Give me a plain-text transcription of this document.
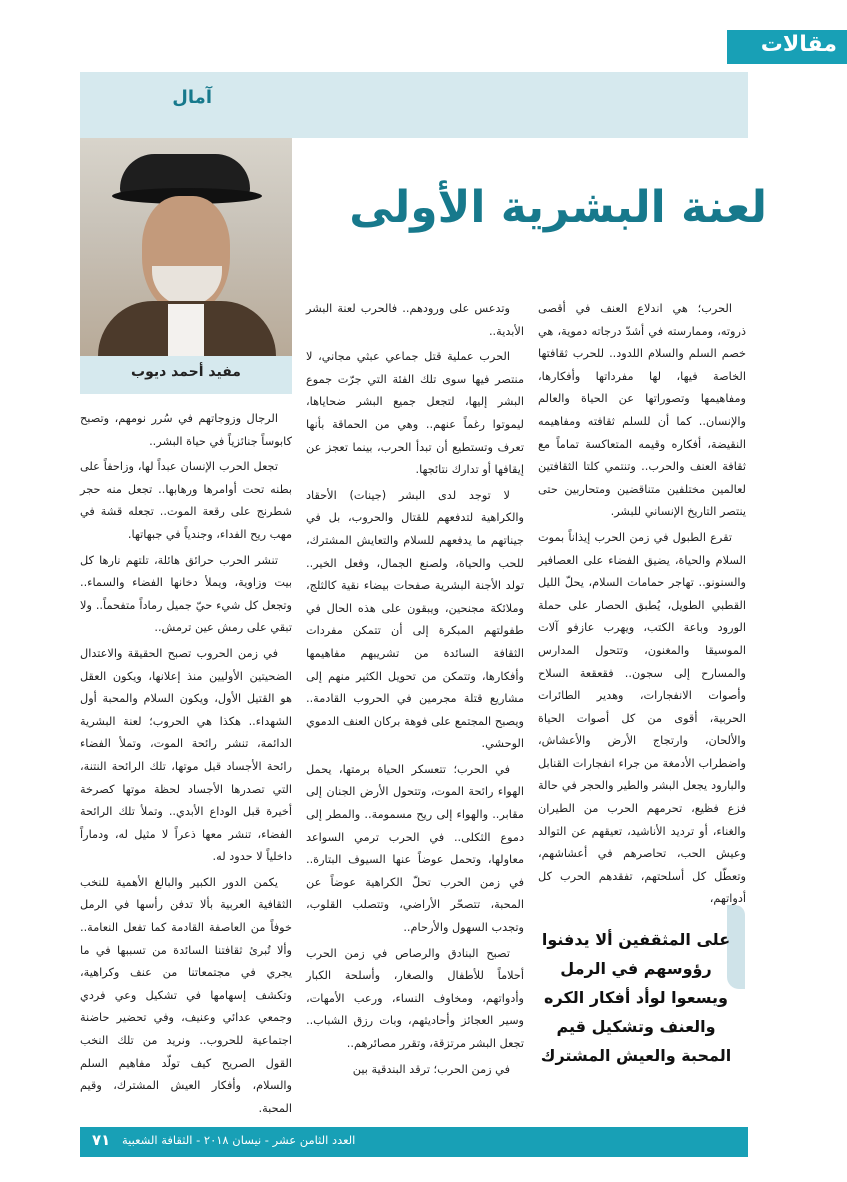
مقالات
آمال
مفيد أحمد ديوب
لعنة البشرية الأولى

الحرب؛ هي اندلاع العنف في أقصى ذروته، وممارسته في أشدّ درجاته دموية، هي خصم السلم والسلام اللدود.. للحرب ثقافتها الخاصة فيها، لها مفرداتها وأفكارها، ومفاهيمها وتصوراتها عن الحياة والعالم والإنسان.. كما أن للسلم ثقافته ومفاهيمه النقيضة، أفكاره وقيمه المتعاكسة تماماً مع ثقافة العنف والحرب.. وتنتمي كلتا الثقافتين لعالمين مختلفين متناقضين ومتحاربين حتى ينتصر التاريخ الإنساني للبشر.

تقرع الطبول في زمن الحرب إيذاناً بموت السلام والحياة، يضيق الفضاء على العصافير والسنونو.. تهاجر حمامات السلام، يحلّ الليل القطبي الطويل، يُطبق الحصار على حملة الورود وباعة الكتب، ويهرب عازفو آلات الموسيقا والمغنون، وتتحول المدارس والمسارح إلى سجون.. فقعقعة السلاح وأصوات الانفجارات، وهدير الطائرات الحربية، أقوى من كل أصوات الحياة والألحان، وارتجاج الأرض والأعشاش، واضطراب الأدمغة من جراء انفجارات القنابل والبارود يجعل البشر والطير والحجر في حالة فزع فظيع، تحرمهم الحرب من الطيران والغناء، أو ترديد الأناشيد، تعيقهم عن التوالد وعيش الحب، تحاصرهم في أعشاشهم، وتعطّل كل أسلحتهم، تفقدهم الحرب كل أدواتهم،

وتدعس على ورودهم.. فالحرب لعنة البشر الأبدية..

الحرب عملية قتل جماعي عبثي مجاني، لا منتصر فيها سوى تلك الفئة التي جرّت جموع البشر إليها، لتجعل جميع البشر ضحاياها، ليموتوا رغماً عنهم.. وهي من الحماقة بأنها تعرف وتستطيع أن تبدأ الحرب، بينما تعجز عن إيقافها أو تدارك نتائجها.

لا توجد لدى البشر (جينات) الأحقاد والكراهية لتدفعهم للقتال والحروب، بل في جيناتهم ما يدفعهم للسلام والتعايش المشترك، للحب والحياة، ولصنع الجمال، وفعل الخير.. تولد الأجنة البشرية صفحات بيضاء نقية كالثلج، وملائكة مجنحين، ويبقون على هذه الحال في طفولتهم المبكرة إلى أن تتمكن مفردات الثقافة السائدة من تشريبهم مفاهيمها وأفكارها، وتتمكن من تحويل الكثير منهم إلى مشاريع قتلة مجرمين في الحروب القادمة.. ويصبح المجتمع على فوهة بركان العنف الدموي الوحشي.

في الحرب؛ تتعسكر الحياة برمتها، يحمل الهواء رائحة الموت، وتتحول الأرض الجنان إلى مقابر.. والهواء إلى ريح مسمومة.. والمطر إلى دموع الثكلى.. في الحرب ترمي السواعد معاولها، وتحمل عوضاً عنها السيوف البتارة.. في زمن الحرب تحلّ الكراهية عوضاً عن المحبة، تتصحّر الأراضي، وتتصلب القلوب، وتجدب السهول والأرحام..

تصبح البنادق والرصاص في زمن الحرب أحلاماً للأطفال والصغار، وأسلحة الكبار وأدواتهم، ومخاوف النساء، ورعب الأمهات، وسير العجائز وأحاديثهم، وبات رزق الشباب.. تجعل البشر مرتزقة، وتقرر مصائرهم..

في زمن الحرب؛ ترقد البندقية بين

الرجال وزوجاتهم في سُرر نومهم، وتصبح كابوساً جنائزياً في حياة البشر..

تجعل الحرب الإنسان عبداً لها، وزاحفاً على بطنه تحت أوامرها ورهابها.. تجعل منه حجر شطرنج على رقعة الموت.. تجعله قشة في مهب ريح الفداء، وجندياً في جبهاتها.

تنشر الحرب حرائق هائلة، تلتهم نارها كل بيت وزاوية، ويملأ دخانها الفضاء والسماء.. وتجعل كل شيء حيّ جميل رماداً متفحماً.. ولا تبقي على رمش عين ترمش..

في زمن الحروب تصبح الحقيقة والاعتدال الضحيتين الأوليين منذ إعلانها، ويكون العقل هو القتيل الأول، ويكون السلام والمحبة أول الشهداء.. هكذا هي الحروب؛ لعنة البشرية الدائمة، تنشر رائحة الموت، وتملأ الفضاء رائحة الأجساد قبل موتها، تلك الرائحة النتنة، التي تصدرها الأجساد لحظة موتها كصرخة أخيرة قبل الوداع الأبدي.. وتملأ تلك الرائحة الفضاء، تنشر معها ذعراً لا مثيل له، ودماراً داخلياً لا حدود له.

يكمن الدور الكبير والبالغ الأهمية للنخب الثقافية العربية بألا تدفن رأسها في الرمل خوفاً من العاصفة القادمة كما تفعل النعامة.. وألا تُبرئ ثقافتنا السائدة من تسببها في ما يجري في مجتمعاتنا من عنف وكراهية، وتكشف إسهامها في تشكيل وعي فردي وجمعي عدائي وعنيف، وفي تحضير حاضنة اجتماعية للحروب.. ونريد من تلك النخب القول الصريح كيف تولّد مفاهيم السلم والسلام، وأفكار العيش المشترك، وقيم المحبة.

على المثقفين ألا يدفنوا رؤوسهم في الرمل ويسعوا لوأد أفكار الكره والعنف وتشكيل قيم المحبة والعيش المشترك
٧١ العدد الثامن عشر - نيسان ٢٠١٨ - الثقافة الشعبية
